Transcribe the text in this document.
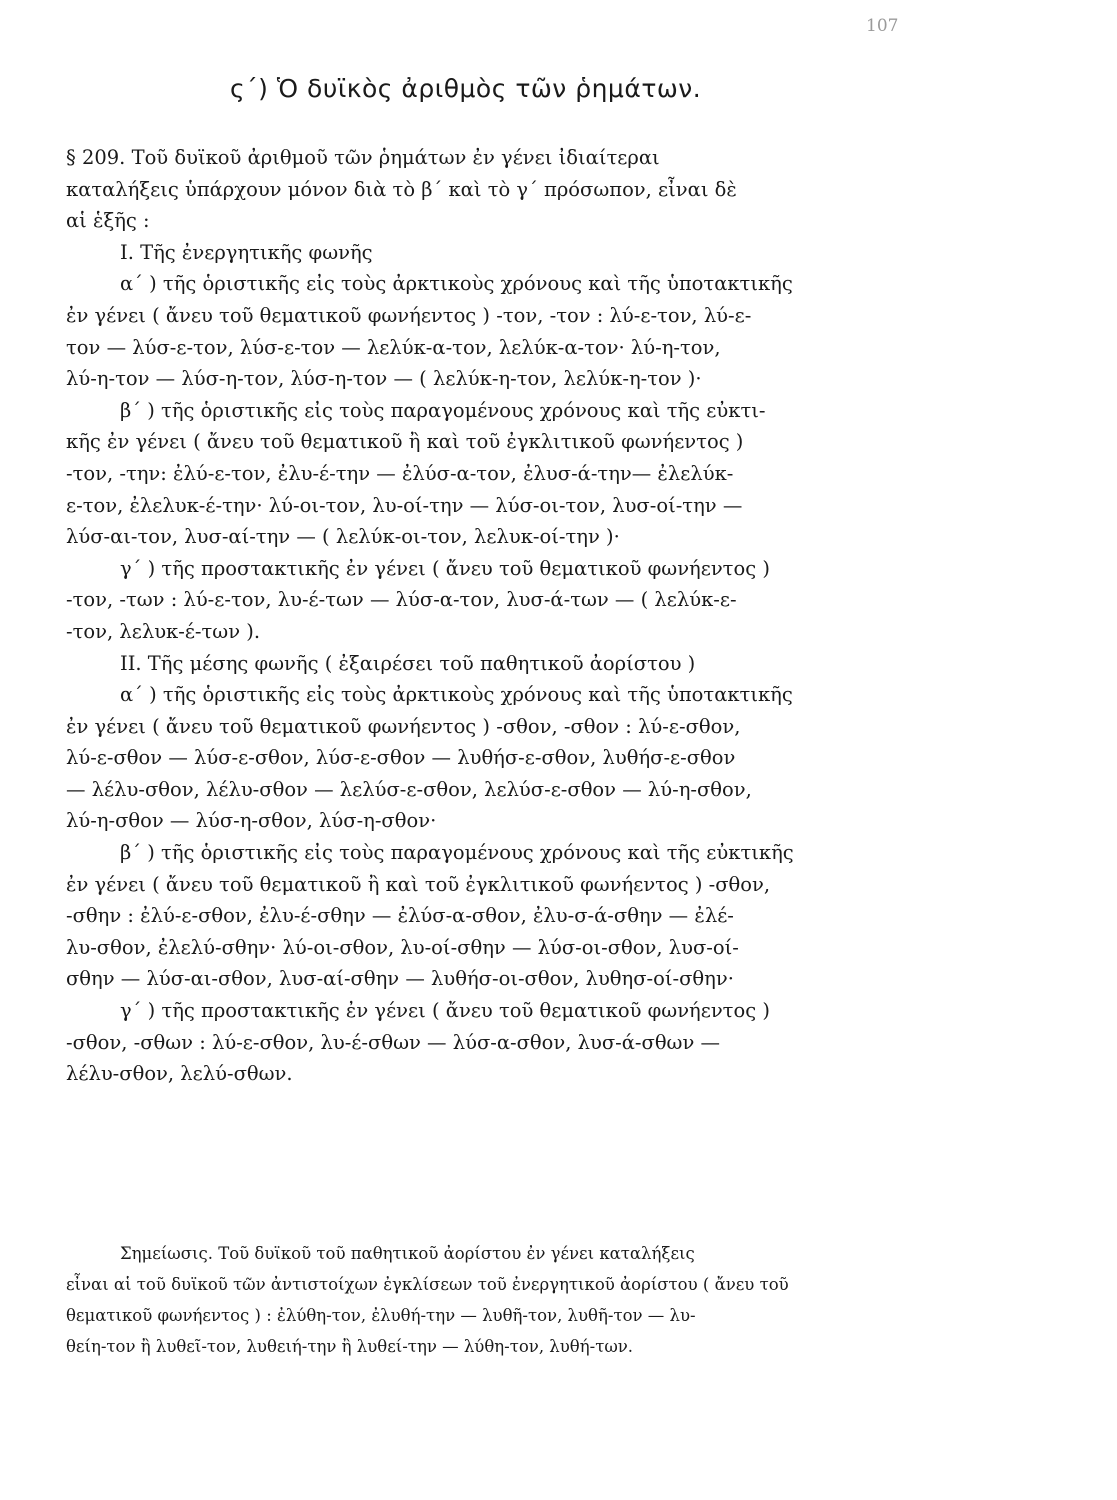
107
ς΄) Ὁ δυϊκὸς ἀριθμὸς τῶν ῥημάτων.
§ 209. Τοῦ δυϊκοῦ ἀριθμοῦ τῶν ῥημάτων ἐν γένει ἰδιαίτεραι
καταλήξεις ὑπάρχουν μόνον διὰ τὸ β΄ καὶ τὸ γ΄ πρόσωπον, εἶναι δὲ
αἱ ἑξῆς :
I. Τῆς ἐνεργητικῆς φωνῆς
α΄ ) τῆς ὁριστικῆς εἰς τοὺς ἀρκτικοὺς χρόνους καὶ τῆς ὑποτακτικῆς
ἐν γένει ( ἄνευ τοῦ θεματικοῦ φωνήεντος ) -τον, -τον : λύ-ε-τον, λύ-ε-
τον — λύσ-ε-τον, λύσ-ε-τον — λελύκ-α-τον, λελύκ-α-τον· λύ-η-τον,
λύ-η-τον — λύσ-η-τον, λύσ-η-τον — ( λελύκ-η-τον, λελύκ-η-τον )·
β΄ ) τῆς ὁριστικῆς εἰς τοὺς παραγομένους χρόνους καὶ τῆς εὐκτι-
κῆς ἐν γένει ( ἄνευ τοῦ θεματικοῦ ἢ καὶ τοῦ ἐγκλιτικοῦ φωνήεντος )
-τον, -την: ἐλύ-ε-τον, ἐλυ-έ-την — ἐλύσ-α-τον, ἐλυσ-ά-την— ἐλελύκ-
ε-τον, ἐλελυκ-έ-την· λύ-οι-τον, λυ-οί-την — λύσ-οι-τον, λυσ-οί-την —
λύσ-αι-τον, λυσ-αί-την — ( λελύκ-οι-τον, λελυκ-οί-την )·
γ΄ ) τῆς προστακτικῆς ἐν γένει ( ἄνευ τοῦ θεματικοῦ φωνήεντος )
-τον, -των : λύ-ε-τον, λυ-έ-των — λύσ-α-τον, λυσ-ά-των — ( λελύκ-ε-
-τον, λελυκ-έ-των ).
II. Τῆς μέσης φωνῆς ( ἐξαιρέσει τοῦ παθητικοῦ ἀορίστου )
α΄ ) τῆς ὁριστικῆς εἰς τοὺς ἀρκτικοὺς χρόνους καὶ τῆς ὑποτακτικῆς
ἐν γένει ( ἄνευ τοῦ θεματικοῦ φωνήεντος ) -σθον, -σθον : λύ-ε-σθον,
λύ-ε-σθον — λύσ-ε-σθον, λύσ-ε-σθον — λυθήσ-ε-σθον, λυθήσ-ε-σθον
— λέλυ-σθον, λέλυ-σθον — λελύσ-ε-σθον, λελύσ-ε-σθον — λύ-η-σθον,
λύ-η-σθον — λύσ-η-σθον, λύσ-η-σθον·
β΄ ) τῆς ὁριστικῆς εἰς τοὺς παραγομένους χρόνους καὶ τῆς εὐκτικῆς
ἐν γένει ( ἄνευ τοῦ θεματικοῦ ἢ καὶ τοῦ ἐγκλιτικοῦ φωνήεντος ) -σθον,
-σθην : ἐλύ-ε-σθον, ἐλυ-έ-σθην — ἐλύσ-α-σθον, ἐλυ-σ-ά-σθην — ἐλέ-
λυ-σθον, ἐλελύ-σθην· λύ-οι-σθον, λυ-οί-σθην — λύσ-οι-σθον, λυσ-οί-
σθην — λύσ-αι-σθον, λυσ-αί-σθην — λυθήσ-οι-σθον, λυθησ-οί-σθην·
γ΄ ) τῆς προστακτικῆς ἐν γένει ( ἄνευ τοῦ θεματικοῦ φωνήεντος )
-σθον, -σθων : λύ-ε-σθον, λυ-έ-σθων — λύσ-α-σθον, λυσ-ά-σθων —
λέλυ-σθον, λελύ-σθων.
Σημείωσις. Τοῦ δυϊκοῦ τοῦ παθητικοῦ ἀορίστου ἐν γένει καταλήξεις
εἶναι αἱ τοῦ δυϊκοῦ τῶν ἀντιστοίχων ἐγκλίσεων τοῦ ἐνεργητικοῦ ἀορίστου ( ἄνευ τοῦ
θεματικοῦ φωνήεντος ) : ἐλύθη-τον, ἐλυθή-την — λυθῆ-τον, λυθῆ-τον — λυ-
θείη-τον ἢ λυθεῖ-τον, λυθειή-την ἢ λυθεί-την — λύθη-τον, λυθή-των.
